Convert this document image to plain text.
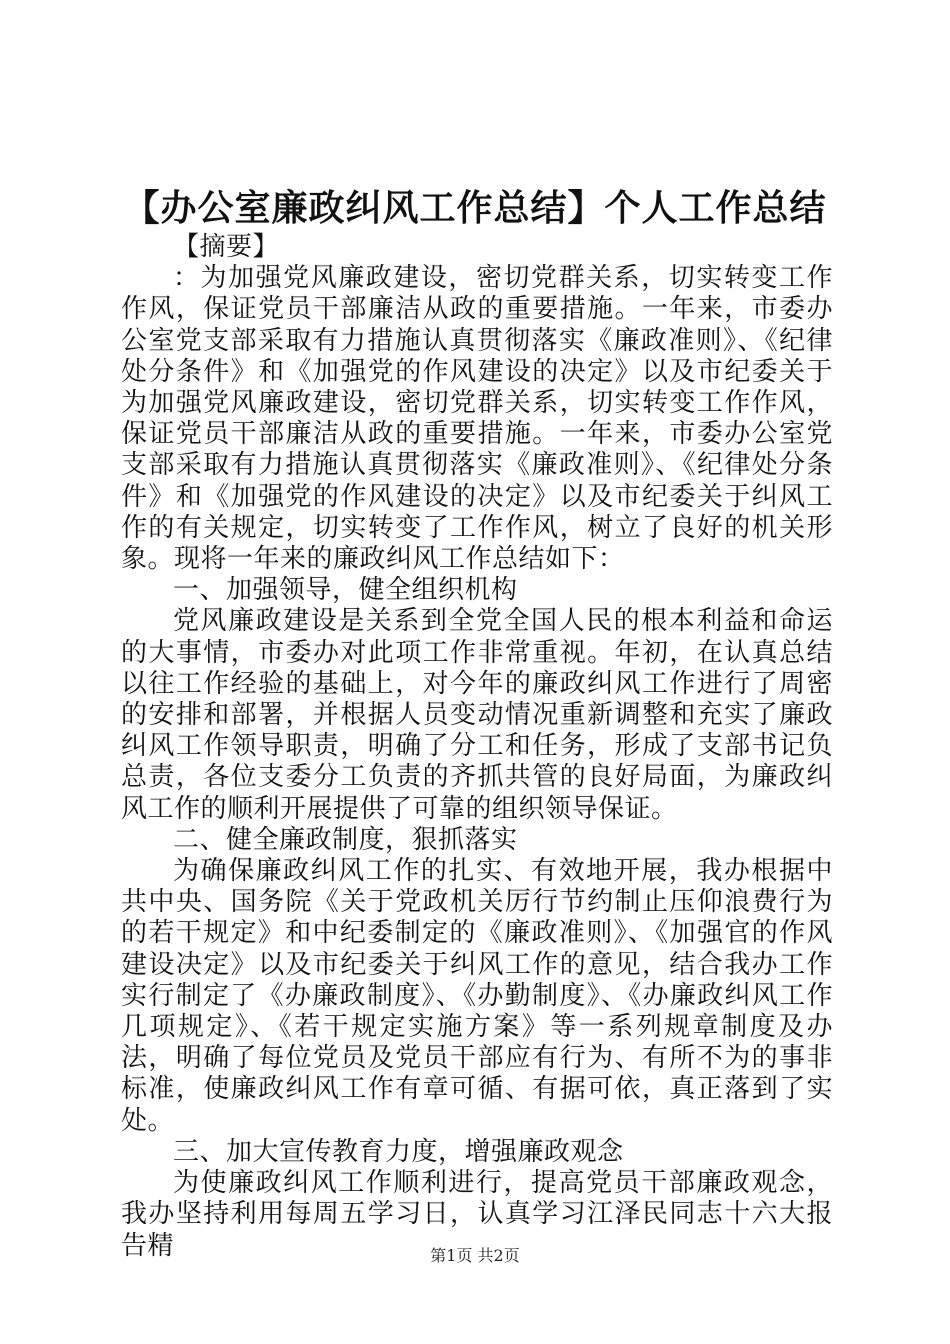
【办公室廉政纠风工作总结】个人工作总结

【摘要】

：为加强党风廉政建设，密切党群关系，切实转变工作作风，保证党员干部廉洁从政的重要措施。一年来，市委办公室党支部采取有力措施认真贯彻落实《廉政准则》、《纪律处分条件》和《加强党的作风建设的决定》以及市纪委关于为加强党风廉政建设，密切党群关系，切实转变工作作风，保证党员干部廉洁从政的重要措施。一年来，市委办公室党支部采取有力措施认真贯彻落实《廉政准则》、《纪律处分条件》和《加强党的作风建设的决定》以及市纪委关于纠风工作的有关规定，切实转变了工作作风，树立了良好的机关形象。现将一年来的廉政纠风工作总结如下：

一、加强领导，健全组织机构

党风廉政建设是关系到全党全国人民的根本利益和命运的大事情，市委办对此项工作非常重视。年初，在认真总结以往工作经验的基础上，对今年的廉政纠风工作进行了周密的安排和部署，并根据人员变动情况重新调整和充实了廉政纠风工作领导职责，明确了分工和任务，形成了支部书记负总责，各位支委分工负责的齐抓共管的良好局面，为廉政纠风工作的顺利开展提供了可靠的组织领导保证。

二、健全廉政制度，狠抓落实

为确保廉政纠风工作的扎实、有效地开展，我办根据中共中央、国务院《关于党政机关厉行节约制止压仰浪费行为的若干规定》和中纪委制定的《廉政准则》、《加强官的作风建设决定》以及市纪委关于纠风工作的意见，结合我办工作实行制定了《办廉政制度》、《办勤制度》、《办廉政纠风工作几项规定》、《若干规定实施方案》等一系列规章制度及办法，明确了每位党员及党员干部应有行为、有所不为的事非标准，使廉政纠风工作有章可循、有据可依，真正落到了实处。

三、加大宣传教育力度，增强廉政观念

为使廉政纠风工作顺利进行，提高党员干部廉政观念，我办坚持利用每周五学习日，认真学习江泽民同志十六大报告精	第1页 共2页
